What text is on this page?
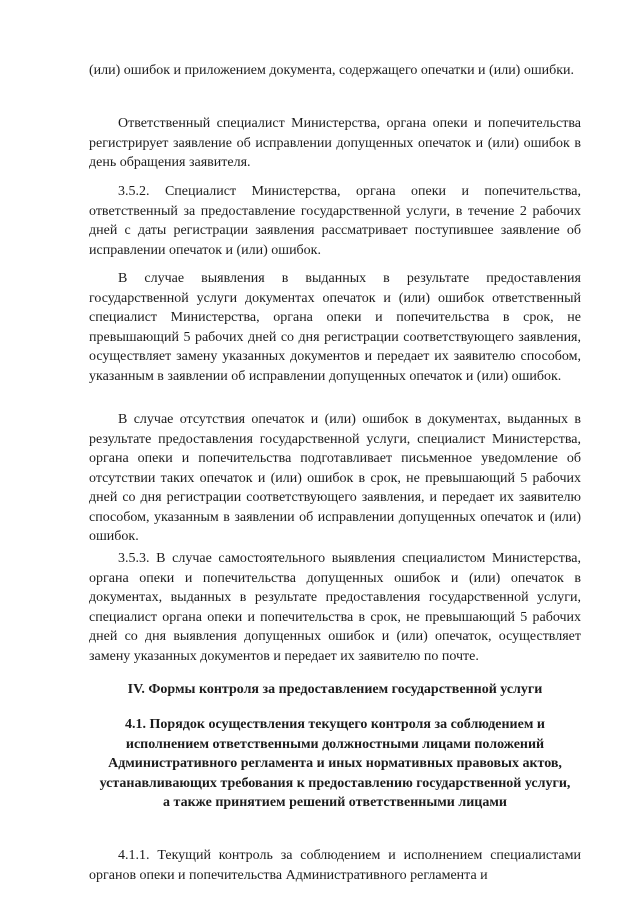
(или) ошибок и приложением документа, содержащего опечатки и (или) ошибки.

Ответственный специалист Министерства, органа опеки и попечительства регистрирует заявление об исправлении допущенных опечаток и (или) ошибок в день обращения заявителя.

3.5.2. Специалист Министерства, органа опеки и попечительства, ответственный за предоставление государственной услуги, в течение 2 рабочих дней с даты регистрации заявления рассматривает поступившее заявление об исправлении опечаток и (или) ошибок.

В случае выявления в выданных в результате предоставления государственной услуги документах опечаток и (или) ошибок ответственный специалист Министерства, органа опеки и попечительства в срок, не превышающий 5 рабочих дней со дня регистрации соответствующего заявления, осуществляет замену указанных документов и передает их заявителю способом, указанным в заявлении об исправлении допущенных опечаток и (или) ошибок.

В случае отсутствия опечаток и (или) ошибок в документах, выданных в результате предоставления государственной услуги, специалист Министерства, органа опеки и попечительства подготавливает письменное уведомление об отсутствии таких опечаток и (или) ошибок в срок, не превышающий 5 рабочих дней со дня регистрации соответствующего заявления, и передает их заявителю способом, указанным в заявлении об исправлении допущенных опечаток и (или) ошибок.

3.5.3. В случае самостоятельного выявления специалистом Министерства, органа опеки и попечительства допущенных ошибок и (или) опечаток в документах, выданных в результате предоставления государственной услуги, специалист органа опеки и попечительства в срок, не превышающий 5 рабочих дней со дня выявления допущенных ошибок и (или) опечаток, осуществляет замену указанных документов и передает их заявителю по почте.

IV. Формы контроля за предоставлением государственной услуги

4.1. Порядок осуществления текущего контроля за соблюдением и исполнением ответственными должностными лицами положений Административного регламента и иных нормативных правовых актов, устанавливающих требования к предоставлению государственной услуги, а также принятием решений ответственными лицами

4.1.1. Текущий контроль за соблюдением и исполнением специалистами органов опеки и попечительства Административного регламента и
